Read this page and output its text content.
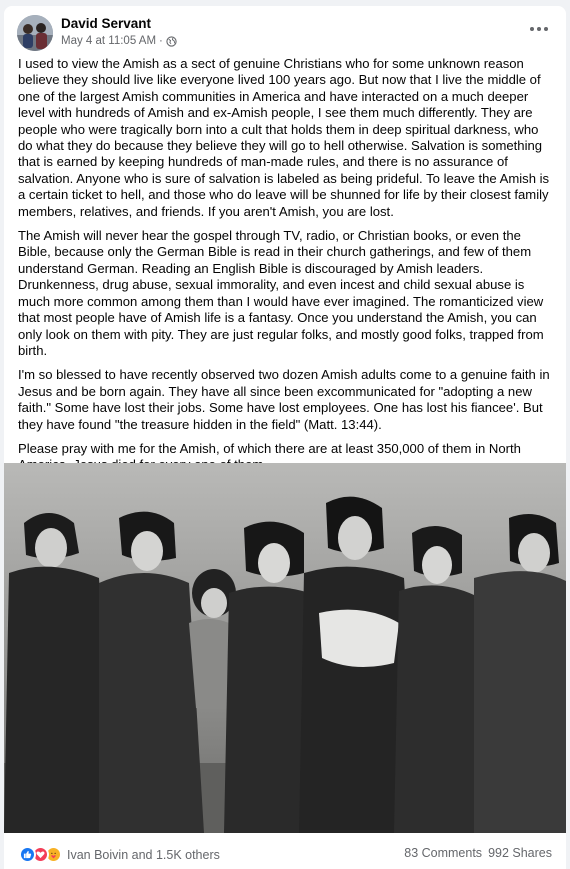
David Servant
May 4 at 11:05 AM ·

I used to view the Amish as a sect of genuine Christians who for some unknown reason believe they should live like everyone lived 100 years ago. But now that I live the middle of one of the largest Amish communities in America and have interacted on a much deeper level with hundreds of Amish and ex-Amish people, I see them much differently. They are people who were tragically born into a cult that holds them in deep spiritual darkness, who do what they do because they believe they will go to hell otherwise. Salvation is something that is earned by keeping hundreds of man-made rules, and there is no assurance of salvation. Anyone who is sure of salvation is labeled as being prideful. To leave the Amish is a certain ticket to hell, and those who do leave will be shunned for life by their closest family members, relatives, and friends. If you aren't Amish, you are lost.

The Amish will never hear the gospel through TV, radio, or Christian books, or even the Bible, because only the German Bible is read in their church gatherings, and few of them understand German. Reading an English Bible is discouraged by Amish leaders. Drunkenness, drug abuse, sexual immorality, and even incest and child sexual abuse is much more common among them than I would have ever imagined. The romanticized view that most people have of Amish life is a fantasy. Once you understand the Amish, you can only look on them with pity. They are just regular folks, and mostly good folks, trapped from birth.

I'm so blessed to have recently observed two dozen Amish adults come to a genuine faith in Jesus and be born again. They have all since been excommunicated for "adopting a new faith." Some have lost their jobs. Some have lost employees. One has lost his fiancee'. But they have found "the treasure hidden in the field" (Matt. 13:44).

Please pray with me for the Amish, of which there are at least 350,000 of them in North

Ivan Boivin and 1.5K others	83 Comments 992 Shares
